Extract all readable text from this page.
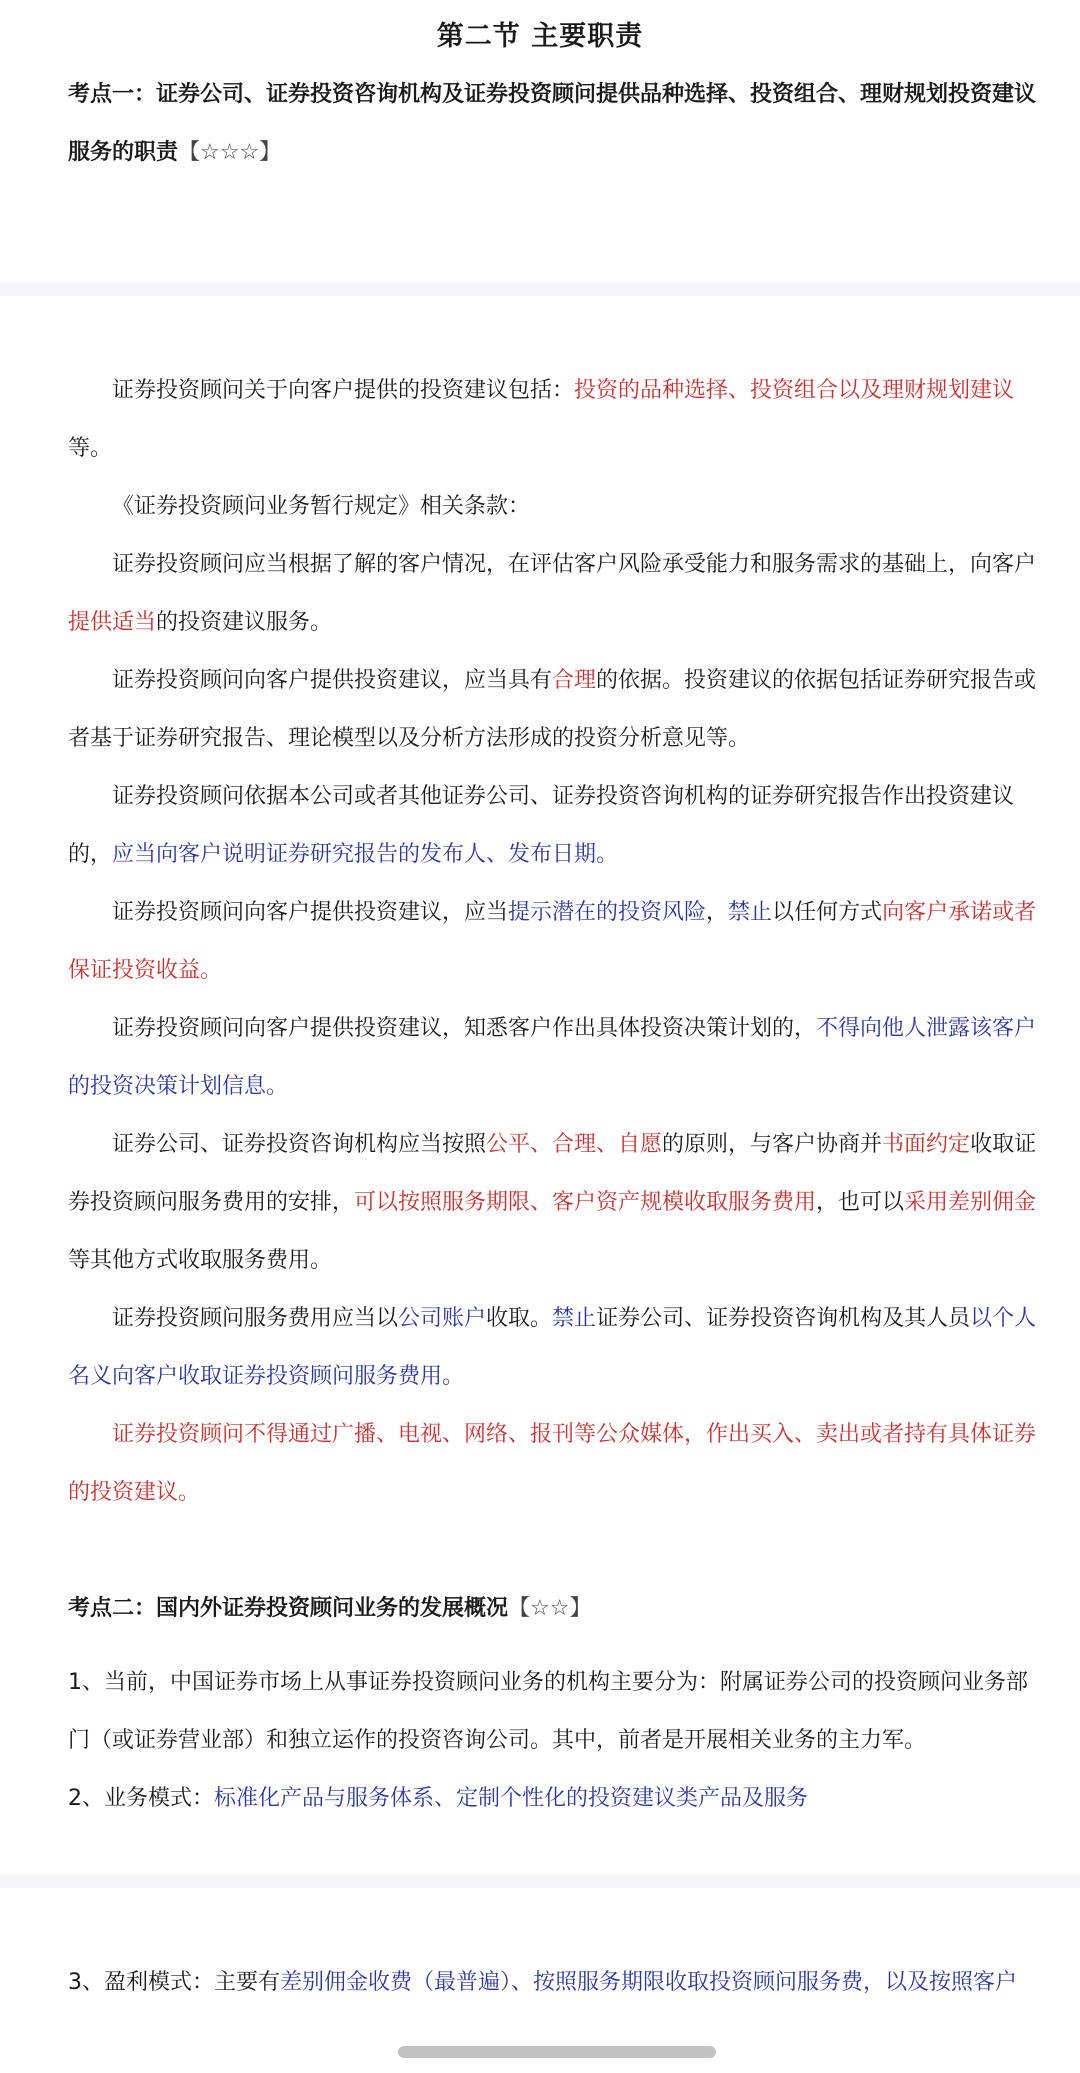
第二节 主要职责
考点一：证券公司、证券投资咨询机构及证券投资顾问提供品种选择、投资组合、理财规划投资建议服务的职责【☆☆☆】

证券投资顾问关于向客户提供的投资建议包括：投资的品种选择、投资组合以及理财规划建议等。

《证券投资顾问业务暂行规定》相关条款：

证券投资顾问应当根据了解的客户情况，在评估客户风险承受能力和服务需求的基础上，向客户提供适当的投资建议服务。

证券投资顾问向客户提供投资建议，应当具有合理的依据。投资建议的依据包括证券研究报告或者基于证券研究报告、理论模型以及分析方法形成的投资分析意见等。

证券投资顾问依据本公司或者其他证券公司、证券投资咨询机构的证券研究报告作出投资建议的，应当向客户说明证券研究报告的发布人、发布日期。

证券投资顾问向客户提供投资建议，应当提示潜在的投资风险，禁止以任何方式向客户承诺或者保证投资收益。

证券投资顾问向客户提供投资建议，知悉客户作出具体投资决策计划的，不得向他人泄露该客户的投资决策计划信息。

证券公司、证券投资咨询机构应当按照公平、合理、自愿的原则，与客户协商并书面约定收取证券投资顾问服务费用的安排，可以按照服务期限、客户资产规模收取服务费用，也可以采用差别佣金等其他方式收取服务费用。

证券投资顾问服务费用应当以公司账户收取。禁止证券公司、证券投资咨询机构及其人员以个人名义向客户收取证券投资顾问服务费用。

证券投资顾问不得通过广播、电视、网络、报刊等公众媒体，作出买入、卖出或者持有具体证券的投资建议。

考点二：国内外证券投资顾问业务的发展概况【☆☆】

1、当前，中国证券市场上从事证券投资顾问业务的机构主要分为：附属证券公司的投资顾问业务部门（或证券营业部）和独立运作的投资咨询公司。其中，前者是开展相关业务的主力军。

2、业务模式：标准化产品与服务体系、定制个性化的投资建议类产品及服务

3、盈利模式：主要有差别佣金收费（最普遍）、按照服务期限收取投资顾问服务费，以及按照客户
